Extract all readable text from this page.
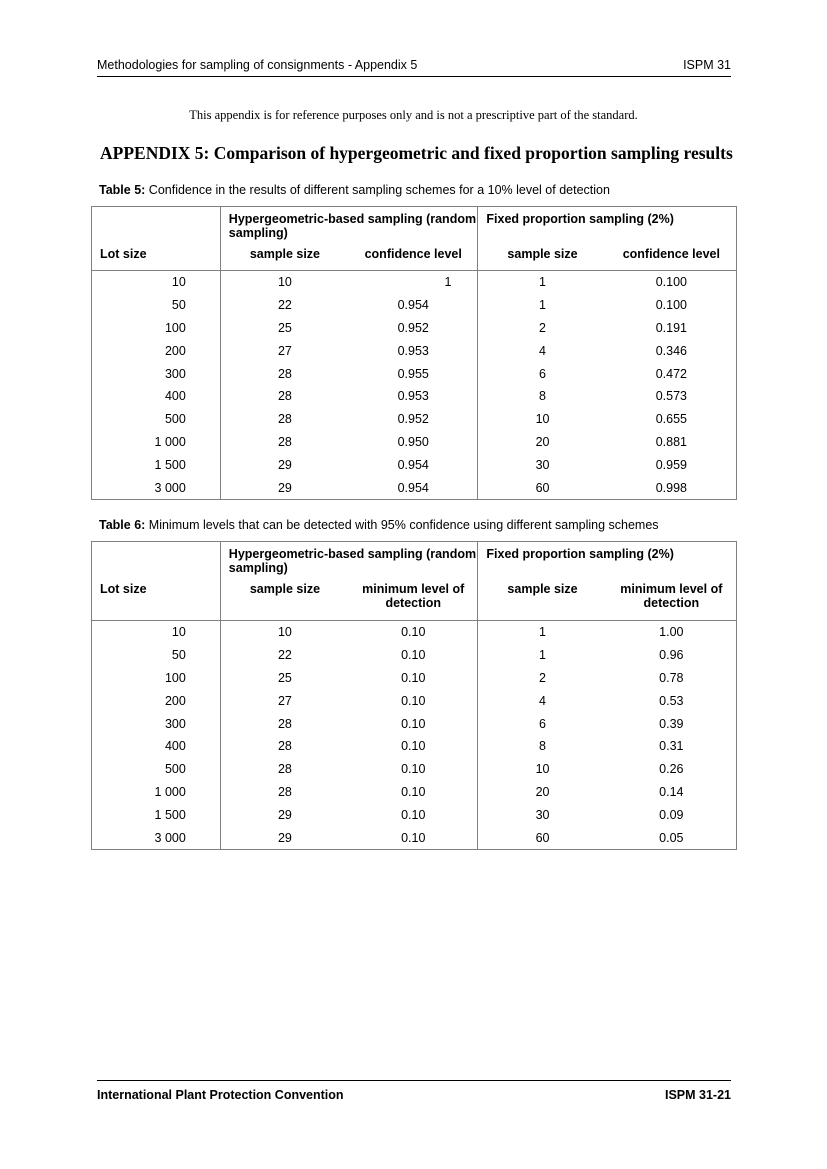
Methodologies for sampling of consignments - Appendix 5	ISPM 31
This appendix is for reference purposes only and is not a prescriptive part of the standard.
APPENDIX 5: Comparison of hypergeometric and fixed proportion sampling results
Table 5: Confidence in the results of different sampling schemes for a 10% level of detection
	Hypergeometric-based sampling (random sampling)		Fixed proportion sampling (2%)	
Lot size	sample size	confidence level	sample size	confidence level
10	10	1	1	0.100
50	22	0.954	1	0.100
100	25	0.952	2	0.191
200	27	0.953	4	0.346
300	28	0.955	6	0.472
400	28	0.953	8	0.573
500	28	0.952	10	0.655
1 000	28	0.950	20	0.881
1 500	29	0.954	30	0.959
3 000	29	0.954	60	0.998
Table 6: Minimum levels that can be detected with 95% confidence using different sampling schemes
	Hypergeometric-based sampling (random sampling)		Fixed proportion sampling (2%)	
Lot size	sample size	minimum level of detection	sample size	minimum level of detection
10	10	0.10	1	1.00
50	22	0.10	1	0.96
100	25	0.10	2	0.78
200	27	0.10	4	0.53
300	28	0.10	6	0.39
400	28	0.10	8	0.31
500	28	0.10	10	0.26
1 000	28	0.10	20	0.14
1 500	29	0.10	30	0.09
3 000	29	0.10	60	0.05
International Plant Protection Convention	ISPM 31-21
